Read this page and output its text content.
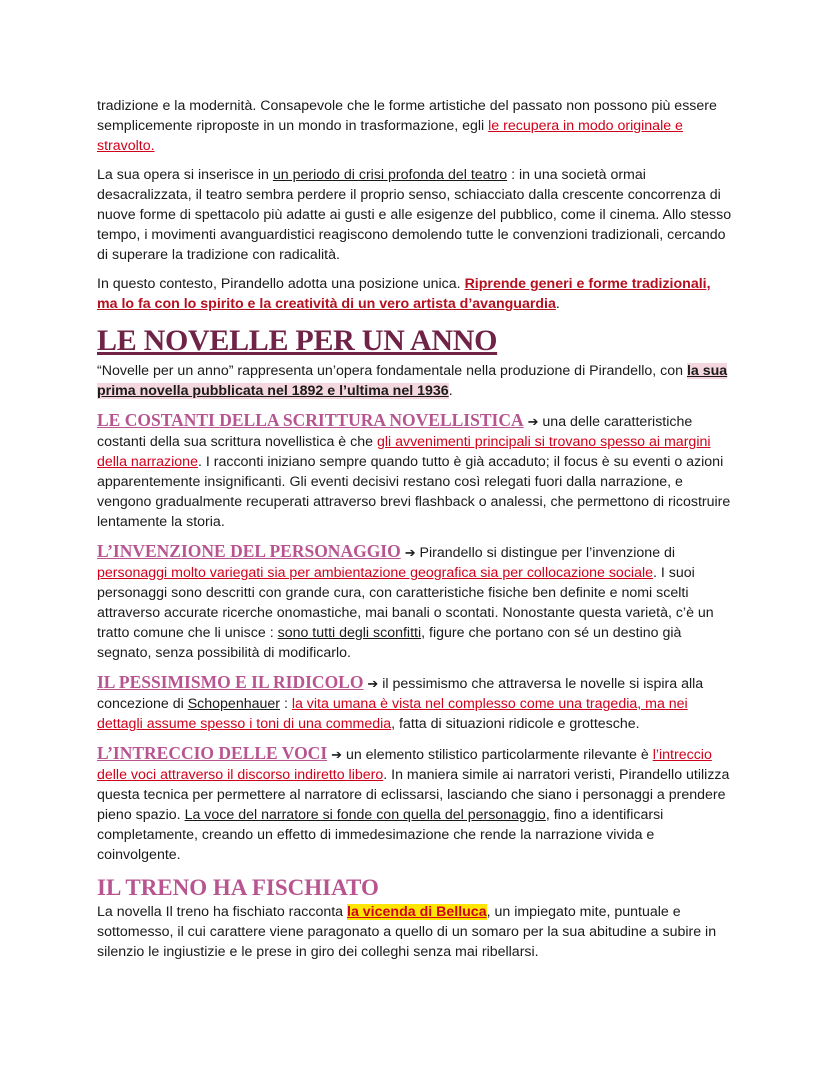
tradizione e la modernità. Consapevole che le forme artistiche del passato non possono più essere semplicemente riproposte in un mondo in trasformazione, egli le recupera in modo originale e stravolto.

La sua opera si inserisce in un periodo di crisi profonda del teatro : in una società ormai desacralizzata, il teatro sembra perdere il proprio senso, schiacciato dalla crescente concorrenza di nuove forme di spettacolo più adatte ai gusti e alle esigenze del pubblico, come il cinema. Allo stesso tempo, i movimenti avanguardistici reagiscono demolendo tutte le convenzioni tradizionali, cercando di superare la tradizione con radicalità.

In questo contesto, Pirandello adotta una posizione unica. Riprende generi e forme tradizionali, ma lo fa con lo spirito e la creatività di un vero artista d’avanguardia.

LE NOVELLE PER UN ANNO

“Novelle per un anno” rappresenta un’opera fondamentale nella produzione di Pirandello, con la sua prima novella pubblicata nel 1892 e l’ultima nel 1936.

LE COSTANTI DELLA SCRITTURA NOVELLISTICA ➔ una delle caratteristiche costanti della sua scrittura novellistica è che gli avvenimenti principali si trovano spesso ai margini della narrazione. I racconti iniziano sempre quando tutto è già accaduto; il focus è su eventi o azioni apparentemente insignificanti. Gli eventi decisivi restano così relegati fuori dalla narrazione, e vengono gradualmente recuperati attraverso brevi flashback o analessi, che permettono di ricostruire lentamente la storia.

L’INVENZIONE DEL PERSONAGGIO ➔ Pirandello si distingue per l’invenzione di personaggi molto variegati sia per ambientazione geografica sia per collocazione sociale. I suoi personaggi sono descritti con grande cura, con caratteristiche fisiche ben definite e nomi scelti attraverso accurate ricerche onomastiche, mai banali o scontati. Nonostante questa varietà, c’è un tratto comune che li unisce : sono tutti degli sconfitti, figure che portano con sé un destino già segnato, senza possibilità di modificarlo.

IL PESSIMISMO E IL RIDICOLO ➔ il pessimismo che attraversa le novelle si ispira alla concezione di Schopenhauer : la vita umana è vista nel complesso come una tragedia, ma nei dettagli assume spesso i toni di una commedia, fatta di situazioni ridicole e grottesche.

L’INTRECCIO DELLE VOCI ➔ un elemento stilistico particolarmente rilevante è l’intreccio delle voci attraverso il discorso indiretto libero. In maniera simile ai narratori veristi, Pirandello utilizza questa tecnica per permettere al narratore di eclissarsi, lasciando che siano i personaggi a prendere pieno spazio. La voce del narratore si fonde con quella del personaggio, fino a identificarsi completamente, creando un effetto di immedesimazione che rende la narrazione vivida e coinvolgente.

IL TRENO HA FISCHIATO

La novella Il treno ha fischiato racconta la vicenda di Belluca, un impiegato mite, puntuale e sottomesso, il cui carattere viene paragonato a quello di un somaro per la sua abitudine a subire in silenzio le ingiustizie e le prese in giro dei colleghi senza mai ribellarsi.
